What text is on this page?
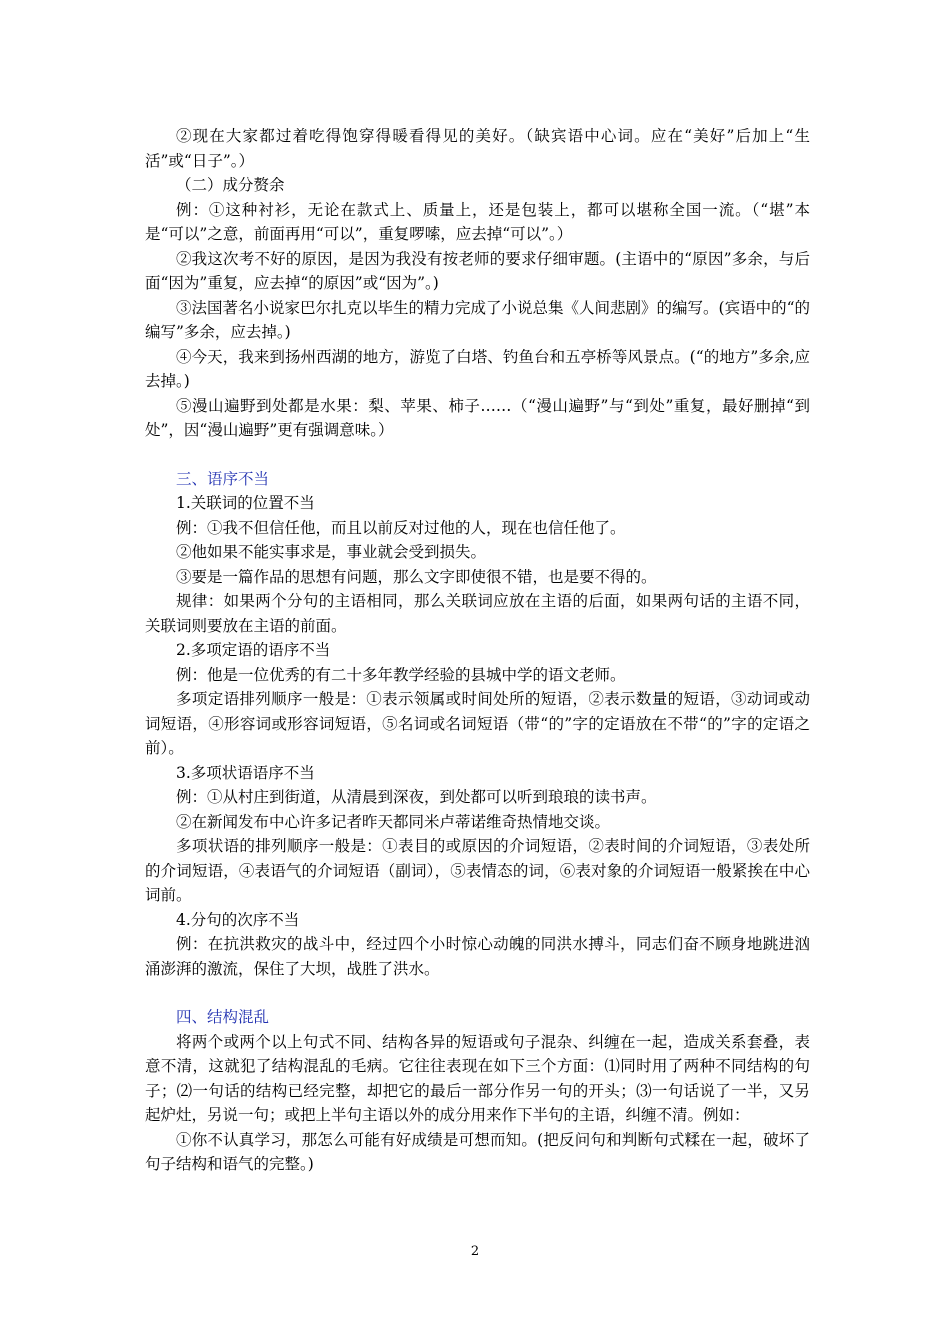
②现在大家都过着吃得饱穿得暖看得见的美好。（缺宾语中心词。应在“美好”后加上“生活”或“日子”。）

（二）成分赘余

例：①这种衬衫，无论在款式上、质量上，还是包装上，都可以堪称全国一流。（“堪”本是“可以”之意，前面再用“可以”，重复啰嗦，应去掉“可以”。）

②我这次考不好的原因，是因为我没有按老师的要求仔细审题。(主语中的“原因”多余，与后面“因为”重复，应去掉“的原因”或“因为”。)

③法国著名小说家巴尔扎克以毕生的精力完成了小说总集《人间悲剧》的编写。(宾语中的“的编写”多余，应去掉。)

④今天，我来到扬州西湖的地方，游览了白塔、钓鱼台和五亭桥等风景点。(“的地方”多余,应去掉。)

⑤漫山遍野到处都是水果：梨、苹果、柿子……（“漫山遍野”与“到处”重复，最好删掉“到处”，因“漫山遍野”更有强调意味。）

三、语序不当

1.关联词的位置不当

例：①我不但信任他，而且以前反对过他的人，现在也信任他了。

②他如果不能实事求是，事业就会受到损失。

③要是一篇作品的思想有问题，那么文字即使很不错，也是要不得的。

规律：如果两个分句的主语相同，那么关联词应放在主语的后面，如果两句话的主语不同，关联词则要放在主语的前面。

2.多项定语的语序不当

例：他是一位优秀的有二十多年教学经验的县城中学的语文老师。

多项定语排列顺序一般是：①表示领属或时间处所的短语，②表示数量的短语，③动词或动词短语，④形容词或形容词短语，⑤名词或名词短语（带“的”字的定语放在不带“的”字的定语之前）。

3.多项状语语序不当

例：①从村庄到街道，从清晨到深夜，到处都可以听到琅琅的读书声。

②在新闻发布中心许多记者昨天都同米卢蒂诺维奇热情地交谈。

多项状语的排列顺序一般是：①表目的或原因的介词短语，②表时间的介词短语，③表处所的介词短语，④表语气的介词短语（副词），⑤表情态的词，⑥表对象的介词短语一般紧挨在中心词前。

4.分句的次序不当

例：在抗洪救灾的战斗中，经过四个小时惊心动魄的同洪水搏斗，同志们奋不顾身地跳进汹涌澎湃的激流，保住了大坝，战胜了洪水。

四、结构混乱

将两个或两个以上句式不同、结构各异的短语或句子混杂、纠缠在一起，造成关系套叠，表意不清，这就犯了结构混乱的毛病。它往往表现在如下三个方面：⑴同时用了两种不同结构的句子；⑵一句话的结构已经完整，却把它的最后一部分作另一句的开头；⑶一句话说了一半，又另起炉灶，另说一句；或把上半句主语以外的成分用来作下半句的主语，纠缠不清。例如：

①你不认真学习，那怎么可能有好成绩是可想而知。(把反问句和判断句式糅在一起，破坏了句子结构和语气的完整。)

2
